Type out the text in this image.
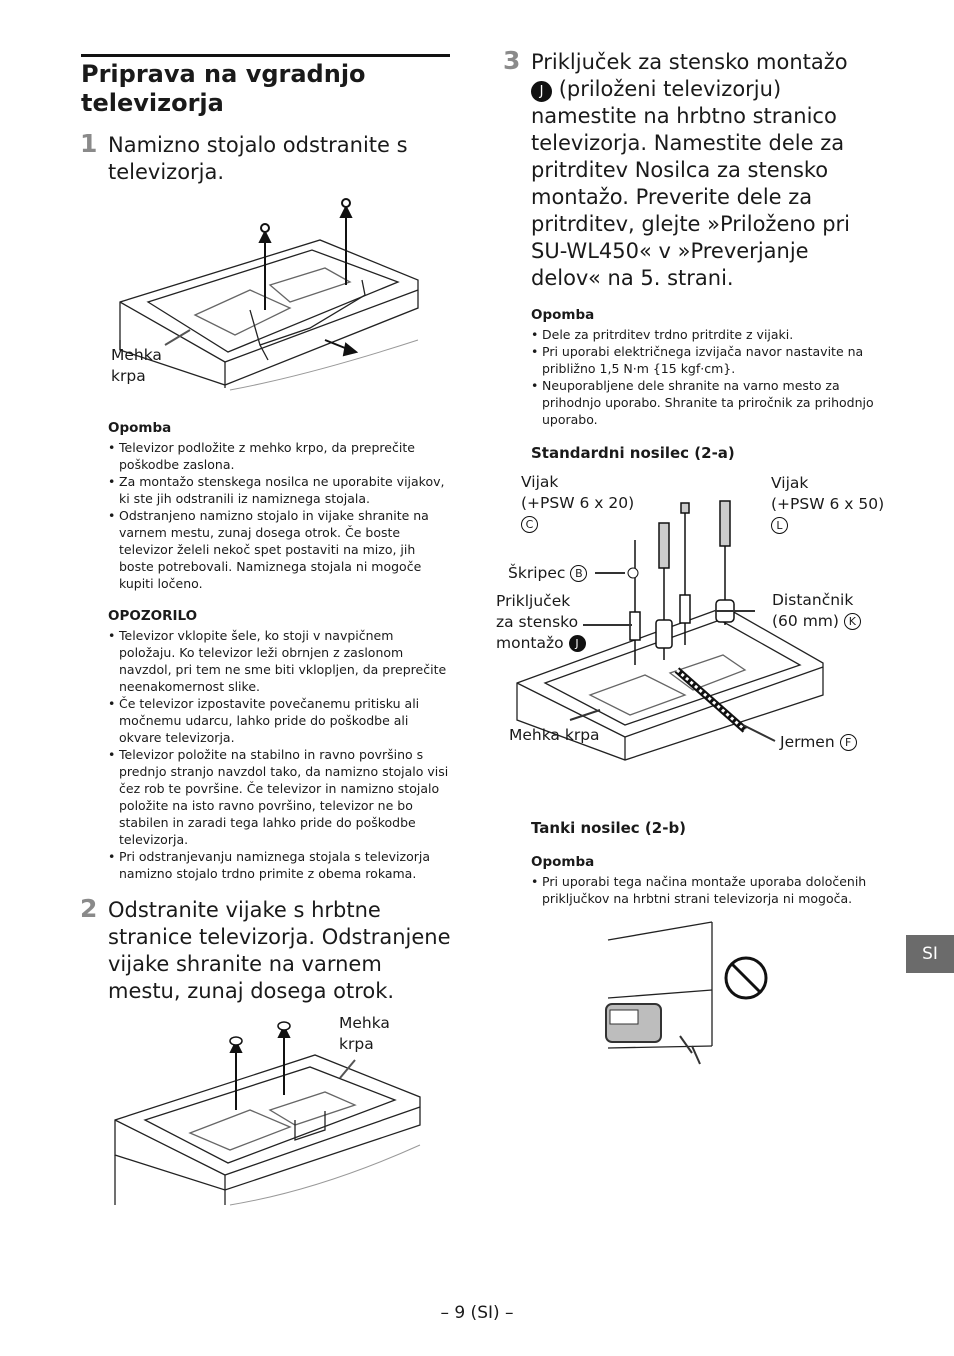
Priprava na vgradnjo televizorja
1 Namizno stojalo odstranite s televizorja.
Mehka
krpa
Opomba
• Televizor podložite z mehko krpo, da preprečite poškodbe zaslona.
• Za montažo stenskega nosilca ne uporabite vijakov, ki ste jih odstranili iz namiznega stojala.
• Odstranjeno namizno stojalo in vijake shranite na varnem mestu, zunaj dosega otrok. Če boste televizor želeli nekoč spet postaviti na mizo, jih boste potrebovali. Namiznega stojala ni mogoče kupiti ločeno.
OPOZORILO
• Televizor vklopite šele, ko stoji v navpičnem položaju. Ko televizor leži obrnjen z zaslonom navzdol, pri tem ne sme biti vklopljen, da preprečite neenakomernost slike.
• Če televizor izpostavite povečanemu pritisku ali močnemu udarcu, lahko pride do poškodbe ali okvare televizorja.
• Televizor položite na stabilno in ravno površino s prednjo stranjo navzdol tako, da namizno stojalo visi čez rob te površine. Če televizor in namizno stojalo položite na isto ravno površino, televizor ne bo stabilen in zaradi tega lahko pride do poškodbe televizorja.
• Pri odstranjevanju namiznega stojala s televizorja namizno stojalo trdno primite z obema rokama.
2 Odstranite vijake s hrbtne stranice televizorja. Odstranjene vijake shranite na varnem mestu, zunaj dosega otrok.
Mehka
krpa
3 Priključek za stensko montažo J (priloženi televizorju) namestite na hrbtno stranico televizorja. Namestite dele za pritrditev Nosilca za stensko montažo. Preverite dele za pritrditev, glejte »Priloženo pri SU-WL450« v »Preverjanje delov« na 5. strani.
Opomba
• Dele za pritrditev trdno pritrdite z vijaki.
• Pri uporabi električnega izvijača navor nastavite na približno 1,5 N·m {15 kgf·cm}.
• Neuporabljene dele shranite na varno mesto za prihodnjo uporabo. Shranite ta priročnik za prihodnjo uporabo.
Standardni nosilec (2-a)
Vijak
(+PSW 6 x 20)
C
Vijak
(+PSW 6 x 50)
L
Škripec B
Priključek
za stensko
montažo J
Distančnik
(60 mm) K
Mehka krpa	Jermen F
Tanki nosilec (2-b)
Opomba
• Pri uporabi tega načina montaže uporaba določenih priključkov na hrbtni strani televizorja ni mogoča.
SI
– 9 (SI) –
